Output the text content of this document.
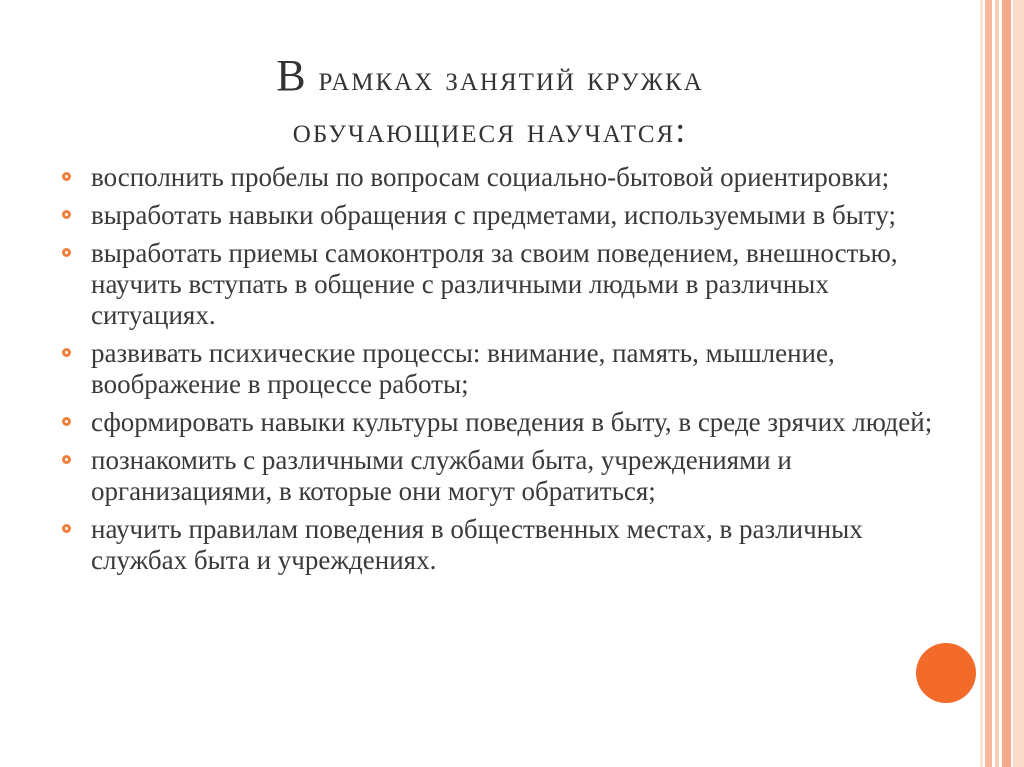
В рамках занятий кружка
обучающиеся научатся:
восполнить пробелы по вопросам социально-бытовой ориентировки;
выработать навыки обращения с предметами, используемыми в быту;
выработать приемы самоконтроля за своим поведением, внешностью, научить вступать в общение с различными людьми в различных ситуациях.
развивать психические процессы: внимание, память, мышление, воображение в процессе работы;
сформировать навыки культуры поведения в быту, в среде зрячих людей;
познакомить с различными службами быта, учреждениями и организациями, в которые они могут обратиться;
научить правилам поведения в общественных местах, в различных службах быта и учреждениях.
